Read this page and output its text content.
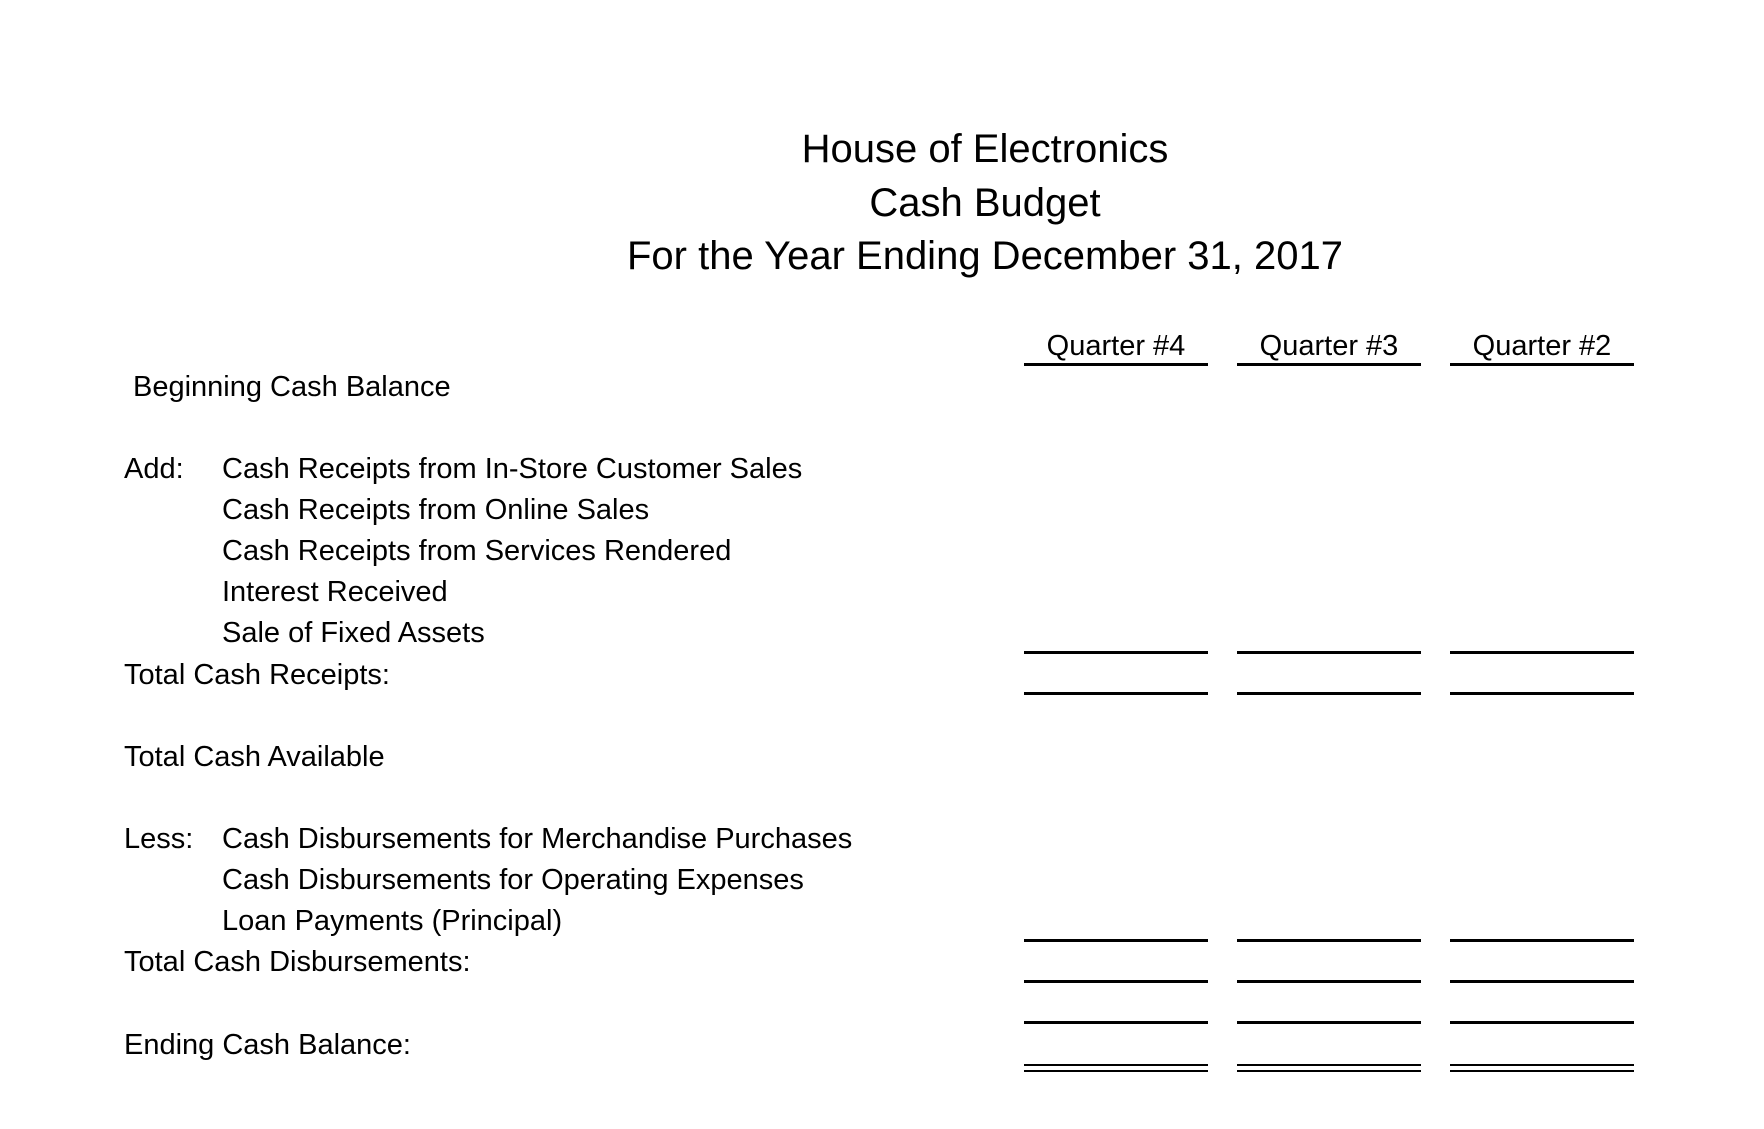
House of Electronics
Cash Budget
For the Year Ending December 31, 2017
Quarter #4	Quarter #3	Quarter #2
Beginning Cash Balance
Add: Cash Receipts from In-Store Customer Sales
Cash Receipts from Online Sales
Cash Receipts from Services Rendered
Interest Received
Sale of Fixed Assets
Total Cash Receipts:
Total Cash Available
Less: Cash Disbursements for Merchandise Purchases
Cash Disbursements for Operating Expenses
Loan Payments (Principal)
Total Cash Disbursements:
Ending Cash Balance:
